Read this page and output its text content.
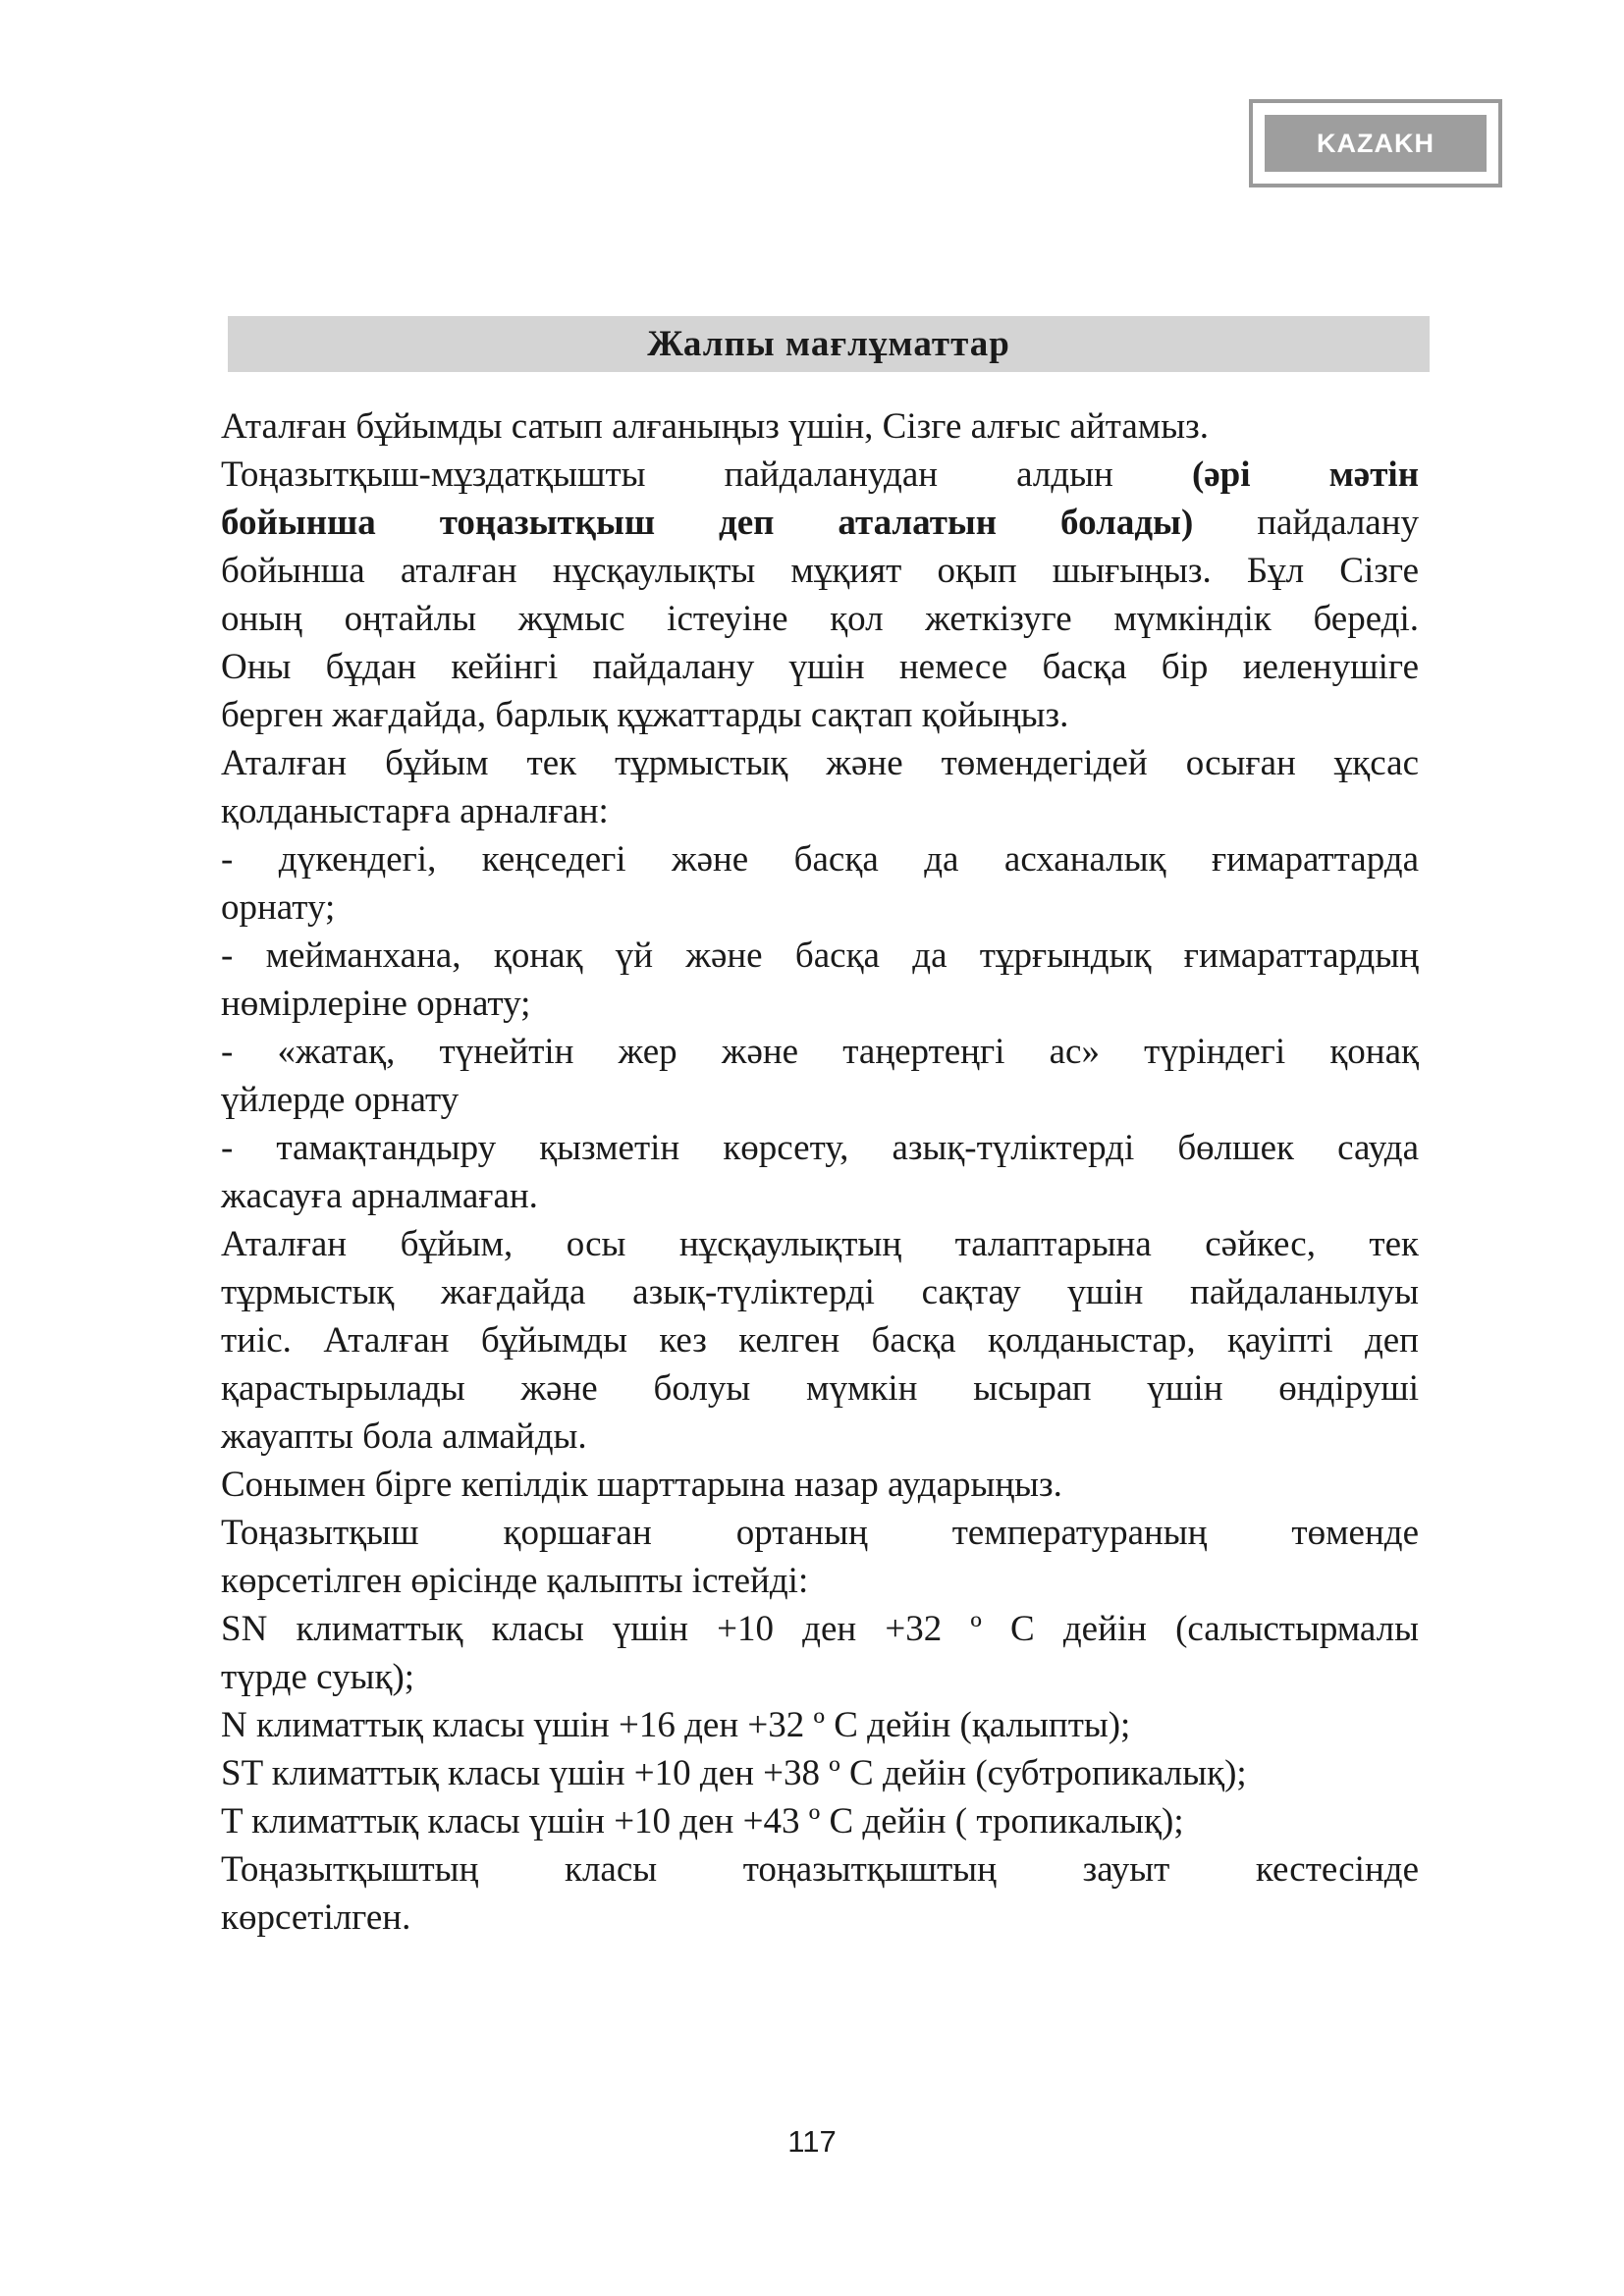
KAZAKH
Жалпы мағлұматтар
Аталған бұйымды сатып алғаныңыз үшін, Сізге алғыс айтамыз.
Тоңазытқыш-мұздатқышты пайдаланудан алдын (әрі мәтін
бойынша тоңазытқыш деп аталатын болады) пайдалану
бойынша аталған нұсқаулықты мұқият оқып шығыңыз. Бұл Сізге
оның оңтайлы жұмыс істеуіне қол жеткізуге мүмкіндік береді.
Оны бұдан кейінгі пайдалану үшін немесе басқа бір иеленушіге
берген жағдайда, барлық құжаттарды сақтап қойыңыз.
Аталған бұйым тек тұрмыстық және төмендегідей осыған ұқсас
қолданыстарға арналған:
- дүкендегі, кеңседегі және басқа да асханалық ғимараттарда
орнату;
- мейманхана, қонақ үй және басқа да тұрғындық ғимараттардың
нөмірлеріне орнату;
- «жатақ, түнейтін жер және таңертеңгі ас» түріндегі қонақ
үйлерде орнату
- тамақтандыру қызметін көрсету, азық-түліктерді бөлшек сауда
жасауға арналмаған.
Аталған бұйым, осы нұсқаулықтың талаптарына сәйкес, тек
тұрмыстық жағдайда азық-түліктерді сақтау үшін пайдаланылуы
тиіс. Аталған бұйымды кез келген басқа қолданыстар, қауіпті деп
қарастырылады және болуы мүмкін ысырап үшін өндіруші
жауапты бола алмайды.
Сонымен бірге кепілдік шарттарына назар аударыңыз.
Тоңазытқыш қоршаған ортаның температураның төменде
көрсетілген өрісінде қалыпты істейді:
SN климаттық класы үшін +10 ден +32 º С дейін (салыстырмалы
түрде суық);
N климаттық класы үшін +16 ден +32 º С дейін (қалыпты);
ST климаттық класы үшін +10 ден +38 º С дейін (субтропикалық);
T климаттық класы үшін +10 ден +43 º С дейін ( тропикалық);
Тоңазытқыштың класы тоңазытқыштың зауыт кестесінде
көрсетілген.
117
